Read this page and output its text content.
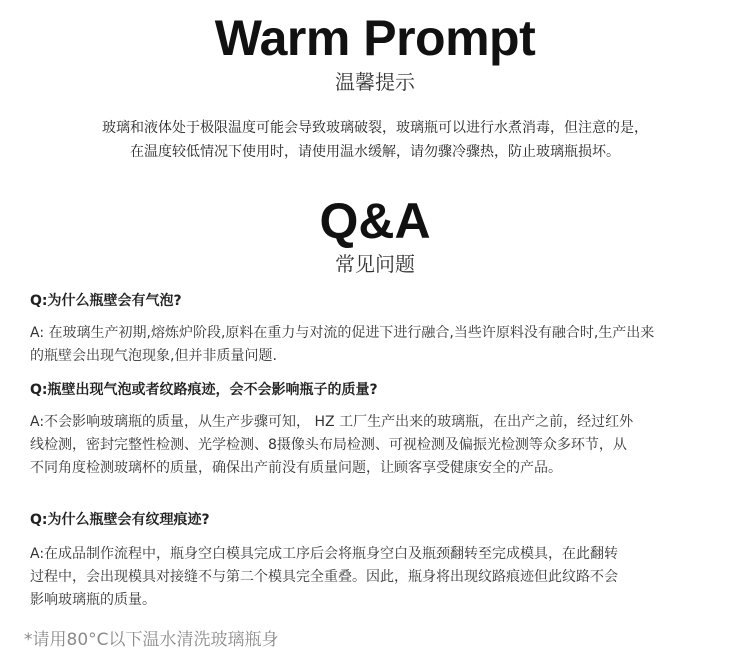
Warm Prompt
温馨提示
玻璃和液体处于极限温度可能会导致玻璃破裂，玻璃瓶可以进行水煮消毒，但注意的是，
在温度较低情况下使用时，请使用温水缓解，请勿骤冷骤热，防止玻璃瓶损坏。
Q&A
常见问题
Q:为什么瓶壁会有气泡?
A: 在玻璃生产初期,熔炼炉阶段,原料在重力与对流的促进下进行融合,当些许原料没有融合时,生产出来
的瓶壁会出现气泡现象,但并非质量问题.
Q:瓶壁出现气泡或者纹路痕迹，会不会影响瓶子的质量?
A:不会影响玻璃瓶的质量，从生产步骤可知， HZ 工厂生产出来的玻璃瓶，在出产之前，经过红外
线检测，密封完整性检测、光学检测、8摄像头布局检测、可视检测及偏振光检测等众多环节，从
不同角度检测玻璃杯的质量，确保出产前没有质量问题，让顾客享受健康安全的产品。
Q:为什么瓶壁会有纹理痕迹?
A:在成品制作流程中，瓶身空白模具完成工序后会将瓶身空白及瓶颈翻转至完成模具，在此翻转
过程中，会出现模具对接缝不与第二个模具完全重叠。因此，瓶身将出现纹路痕迹但此纹路不会
影响玻璃瓶的质量。
*请用80°C以下温水清洗玻璃瓶身
